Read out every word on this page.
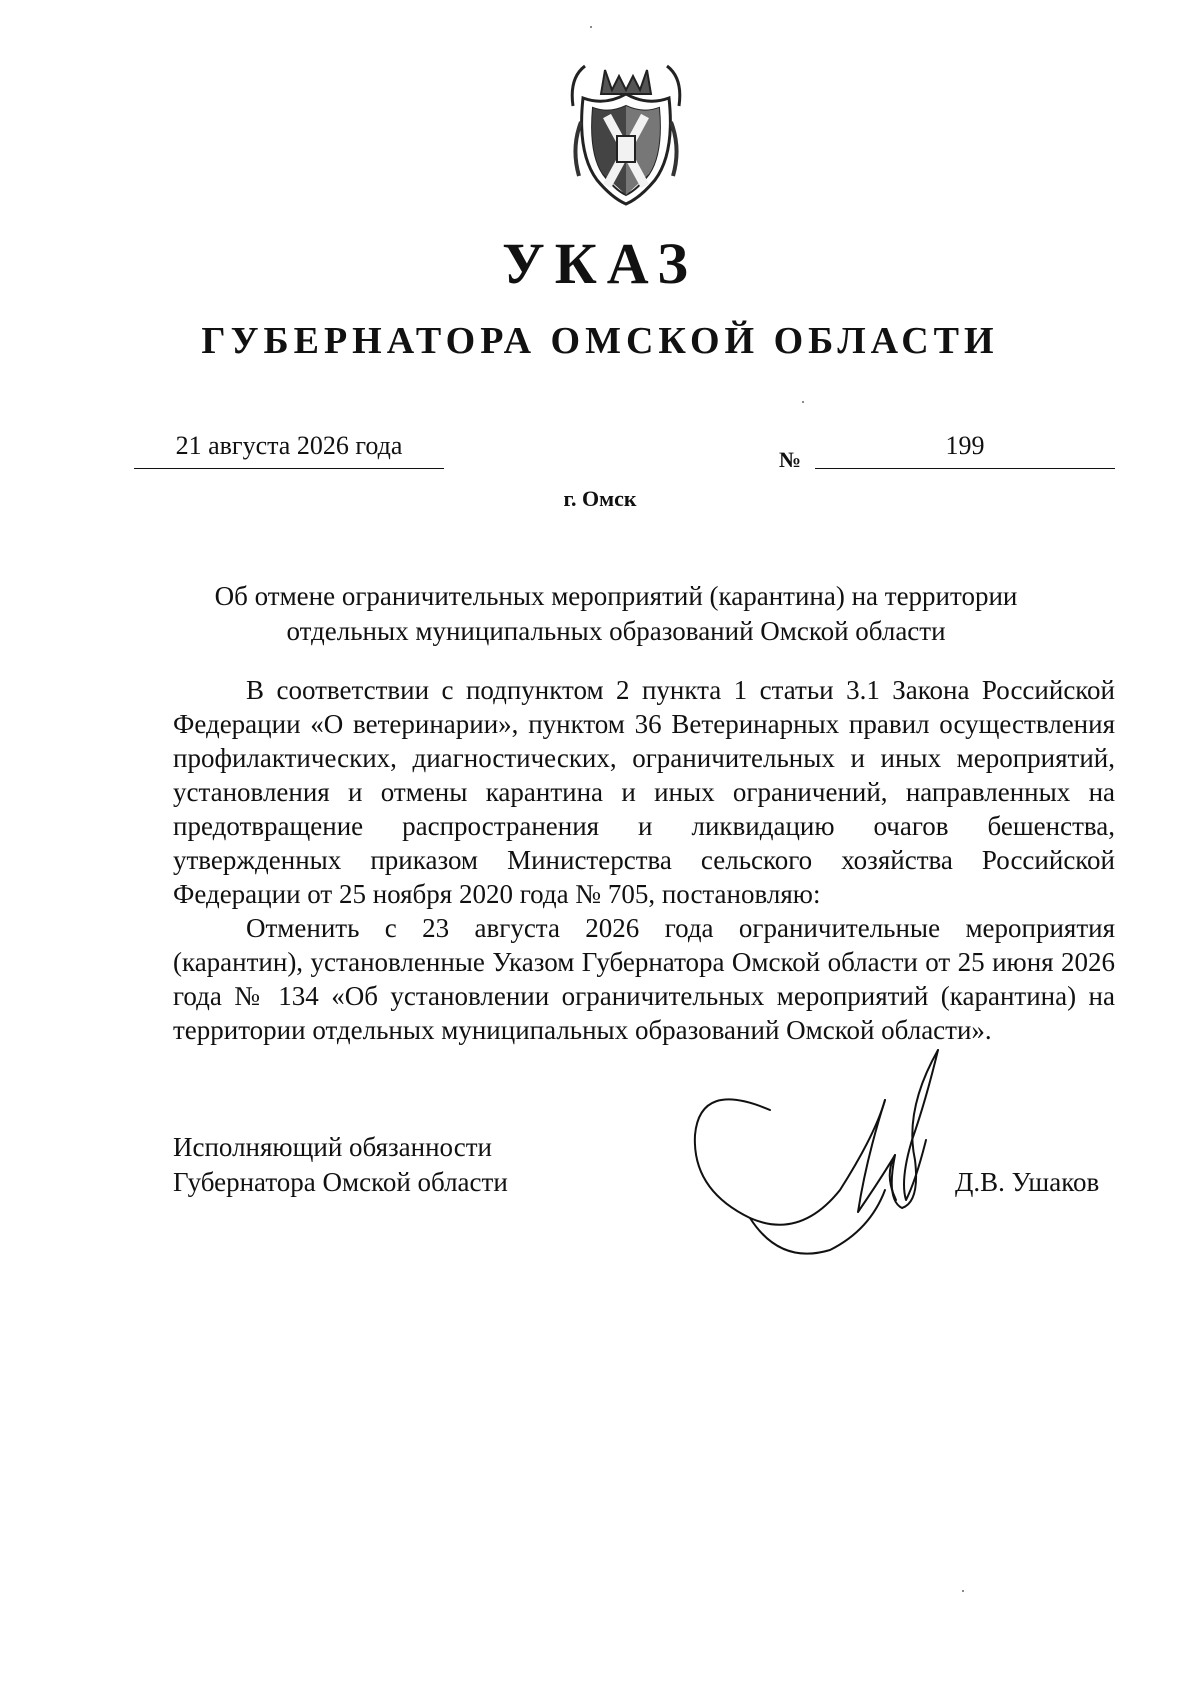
УКАЗ
ГУБЕРНАТОРА ОМСКОЙ ОБЛАСТИ
21 августа 2026 года	№	199
г. Омск
Об отмене ограничительных мероприятий (карантина) на территории
отдельных муниципальных образований Омской области

В соответствии с подпунктом 2 пункта 1 статьи 3.1 Закона Российской Федерации «О ветеринарии», пунктом 36 Ветеринарных правил осуществления профилактических, диагностических, ограничительных и иных мероприятий, установления и отмены карантина и иных ограничений, направленных на предотвращение распространения и ликвидацию очагов бешенства, утвержденных приказом Министерства сельского хозяйства Российской Федерации от 25 ноября 2020 года № 705, постановляю:

Отменить с 23 августа 2026 года ограничительные мероприятия (карантин), установленные Указом Губернатора Омской области от 25 июня 2026 года № 134 «Об установлении ограничительных мероприятий (карантина) на территории отдельных муниципальных образований Омской области».

Исполняющий обязанности
Губернатора Омской области	Д.В. Ушаков
